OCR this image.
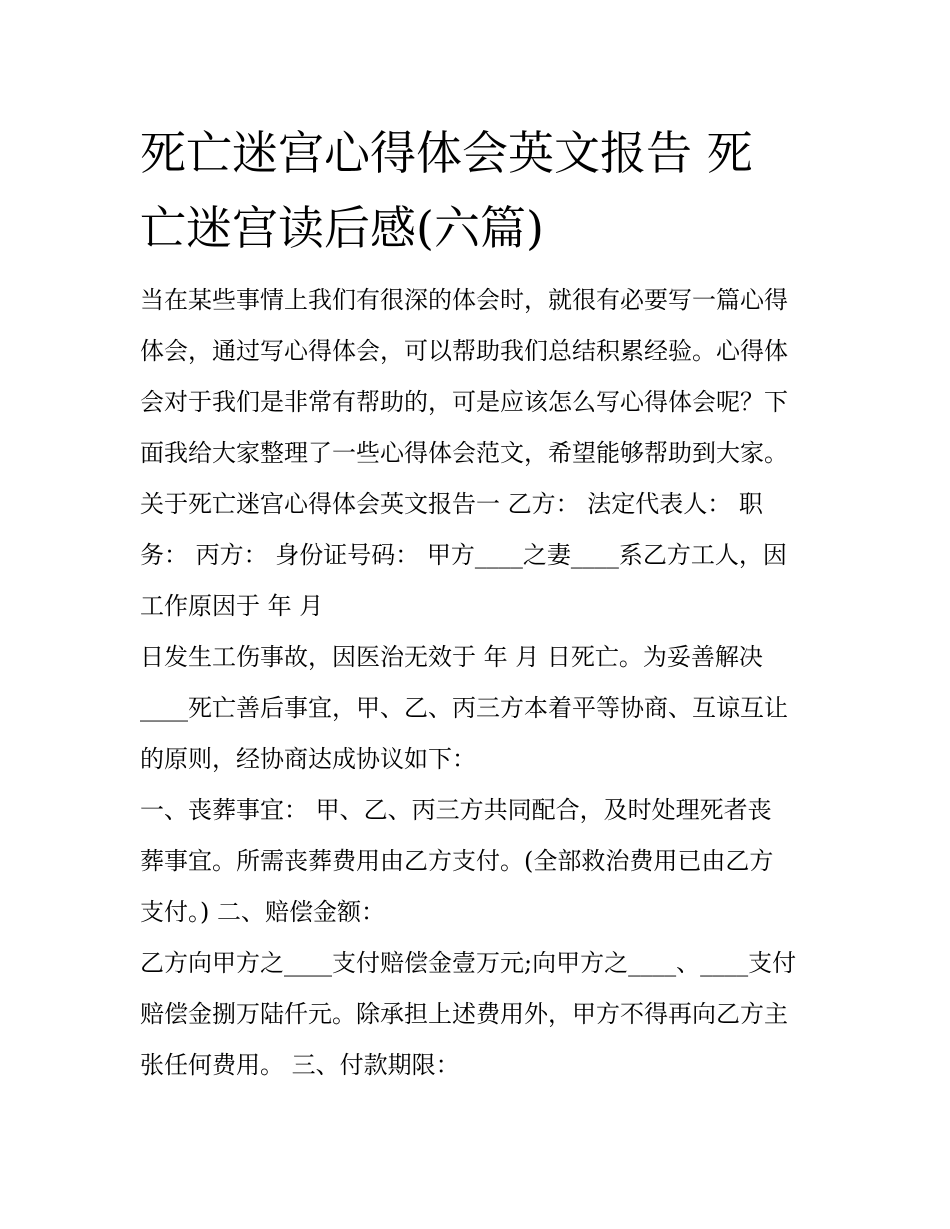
死亡迷宫心得体会英文报告 死
亡迷宫读后感(六篇)

当在某些事情上我们有很深的体会时，就很有必要写一篇心得

体会，通过写心得体会，可以帮助我们总结积累经验。心得体

会对于我们是非常有帮助的，可是应该怎么写心得体会呢？下

面我给大家整理了一些心得体会范文，希望能够帮助到大家。

关于死亡迷宫心得体会英文报告一 乙方： 法定代表人： 职

务： 丙方： 身份证号码： 甲方____之妻____系乙方工人，因

工作原因于 年 月

日发生工伤事故，因医治无效于 年 月 日死亡。为妥善解决

____死亡善后事宜，甲、乙、丙三方本着平等协商、互谅互让

的原则，经协商达成协议如下：

一、丧葬事宜： 甲、乙、丙三方共同配合，及时处理死者丧

葬事宜。所需丧葬费用由乙方支付。(全部救治费用已由乙方

支付。) 二、赔偿金额：

乙方向甲方之____支付赔偿金壹万元;向甲方之____、____支付

赔偿金捌万陆仟元。除承担上述费用外，甲方不得再向乙方主

张任何费用。 三、付款期限：
